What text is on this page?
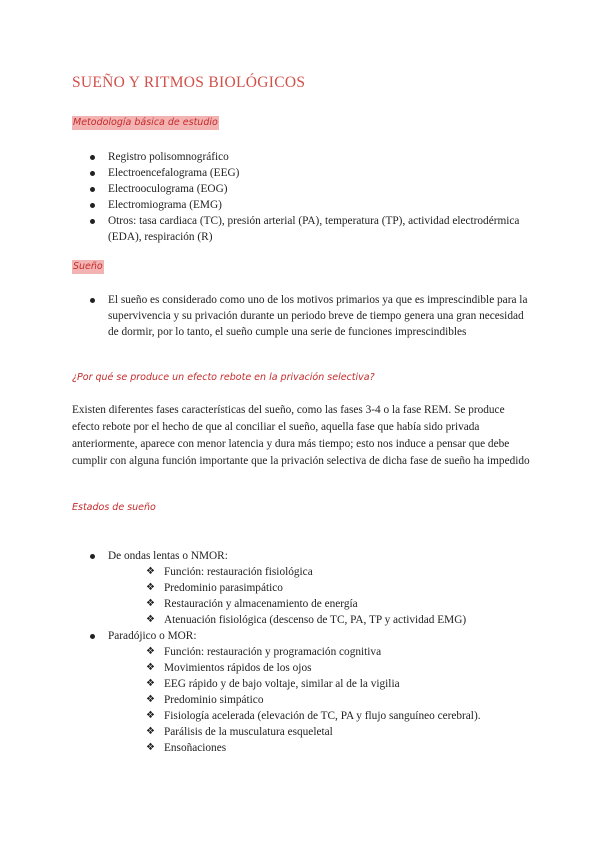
SUEÑO Y RITMOS BIOLÓGICOS
Metodología básica de estudio
Registro polisomnográfico
Electroencefalograma (EEG)
Electrooculograma (EOG)
Electromiograma (EMG)
Otros: tasa cardiaca (TC), presión arterial (PA), temperatura (TP), actividad electrodérmica (EDA), respiración (R)
Sueño
El sueño es considerado como uno de los motivos primarios ya que es imprescindible para la supervivencia y su privación durante un periodo breve de tiempo genera una gran necesidad de dormir, por lo tanto, el sueño cumple una serie de funciones imprescindibles
¿Por qué se produce un efecto rebote en la privación selectiva?

Existen diferentes fases características del sueño, como las fases 3-4 o la fase REM. Se produce efecto rebote por el hecho de que al conciliar el sueño, aquella fase que había sido privada anteriormente, aparece con menor latencia y dura más tiempo; esto nos induce a pensar que debe cumplir con alguna función importante que la privación selectiva de dicha fase de sueño ha impedido

Estados de sueño
De ondas lentas o NMOR:
❖ Función: restauración fisiológica
❖ Predominio parasimpático
❖ Restauración y almacenamiento de energía
❖ Atenuación fisiológica (descenso de TC, PA, TP y actividad EMG)
Paradójico o MOR:
❖ Función: restauración y programación cognitiva
❖ Movimientos rápidos de los ojos
❖ EEG rápido y de bajo voltaje, similar al de la vigilia
❖ Predominio simpático
❖ Fisiología acelerada (elevación de TC, PA y flujo sanguíneo cerebral).
❖ Parálisis de la musculatura esqueletal
❖ Ensoñaciones
